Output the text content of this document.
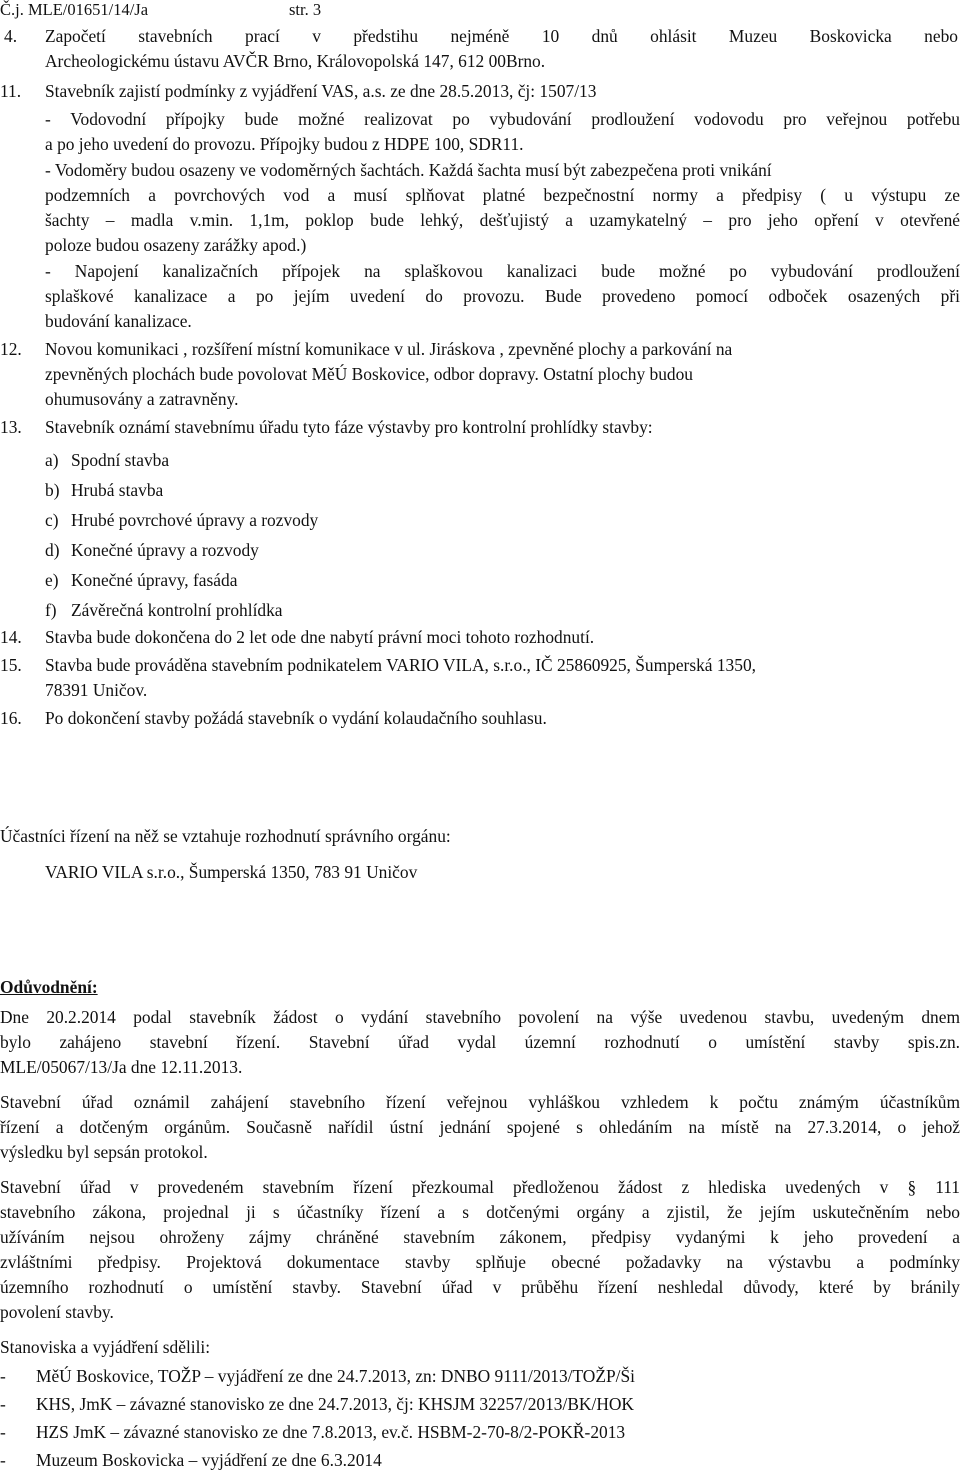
Č.j. MLE/01651/14/Ja	str. 3
4.	Započetí stavebních prací v předstihu nejméně 10 dnů ohlásit Muzeu Boskovicka nebo
Archeologickému ústavu AVČR Brno, Královopolská 147, 612 00Brno.
11.	Stavebník zajistí podmínky z vyjádření VAS, a.s. ze dne 28.5.2013, čj: 1507/13
- Vodovodní přípojky bude možné realizovat po vybudování prodloužení vodovodu pro veřejnou potřebu
a po jeho uvedení do provozu. Přípojky budou z HDPE 100, SDR11.
- Vodoměry budou osazeny ve vodoměrných šachtách. Každá šachta musí být zabezpečena proti vnikání
podzemních a povrchových vod a musí splňovat platné bezpečnostní normy a předpisy ( u výstupu ze
šachty – madla v.min. 1,1m, poklop bude lehký, dešťujistý a uzamykatelný – pro jeho opření v otevřené
poloze budou osazeny zarážky apod.)
- Napojení kanalizačních přípojek na splaškovou kanalizaci bude možné po vybudování prodloužení
splaškové kanalizace a po jejím uvedení do provozu. Bude provedeno pomocí odboček osazených při
budování kanalizace.
12.	Novou komunikaci , rozšíření místní komunikace v ul. Jiráskova , zpevněné plochy a parkování na
zpevněných plochách bude povolovat MěÚ Boskovice, odbor dopravy. Ostatní plochy budou
ohumusovány a zatravněny.
13.	Stavebník oznámí stavebnímu úřadu tyto fáze výstavby pro kontrolní prohlídky stavby:
a) Spodní stavba
b) Hrubá stavba
c) Hrubé povrchové úpravy a rozvody
d) Konečné úpravy a rozvody
e) Konečné úpravy, fasáda
f) Závěrečná kontrolní prohlídka
14.	Stavba bude dokončena do 2 let ode dne nabytí právní moci tohoto rozhodnutí.
15.	Stavba bude prováděna stavebním podnikatelem VARIO VILA, s.r.o., IČ 25860925, Šumperská 1350,
78391 Uničov.
16.	Po dokončení stavby požádá stavebník o vydání kolaudačního souhlasu.
Účastníci řízení na něž se vztahuje rozhodnutí správního orgánu:
VARIO VILA s.r.o., Šumperská 1350, 783 91 Uničov
Odůvodnění:
Dne 20.2.2014 podal stavebník žádost o vydání stavebního povolení na výše uvedenou stavbu, uvedeným dnem
bylo zahájeno stavební řízení. Stavební úřad vydal územní rozhodnutí o umístění stavby spis.zn.
MLE/05067/13/Ja dne 12.11.2013.
Stavební úřad oznámil zahájení stavebního řízení veřejnou vyhláškou vzhledem k počtu známým účastníkům
řízení a dotčeným orgánům. Současně nařídil ústní jednání spojené s ohledáním na místě na 27.3.2014, o jehož
výsledku byl sepsán protokol.
Stavební úřad v provedeném stavebním řízení přezkoumal předloženou žádost z hlediska uvedených v § 111
stavebního zákona, projednal ji s účastníky řízení a s dotčenými orgány a zjistil, že jejím uskutečněním nebo
užíváním nejsou ohroženy zájmy chráněné stavebním zákonem, předpisy vydanými k jeho provedení a
zvláštními předpisy. Projektová dokumentace stavby splňuje obecné požadavky na výstavbu a podmínky
územního rozhodnutí o umístění stavby. Stavební úřad v průběhu řízení neshledal důvody, které by bránily
povolení stavby.
Stanoviska a vyjádření sdělili:
-	MěÚ Boskovice, TOŽP – vyjádření ze dne 24.7.2013, zn: DNBO 9111/2013/TOŽP/Ši
-	KHS, JmK – závazné stanovisko ze dne 24.7.2013, čj: KHSJM 32257/2013/BK/HOK
-	HZS JmK – závazné stanovisko ze dne 7.8.2013, ev.č. HSBM-2-70-8/2-POKŘ-2013
-	Muzeum Boskovicka – vyjádření ze dne 6.3.2014
